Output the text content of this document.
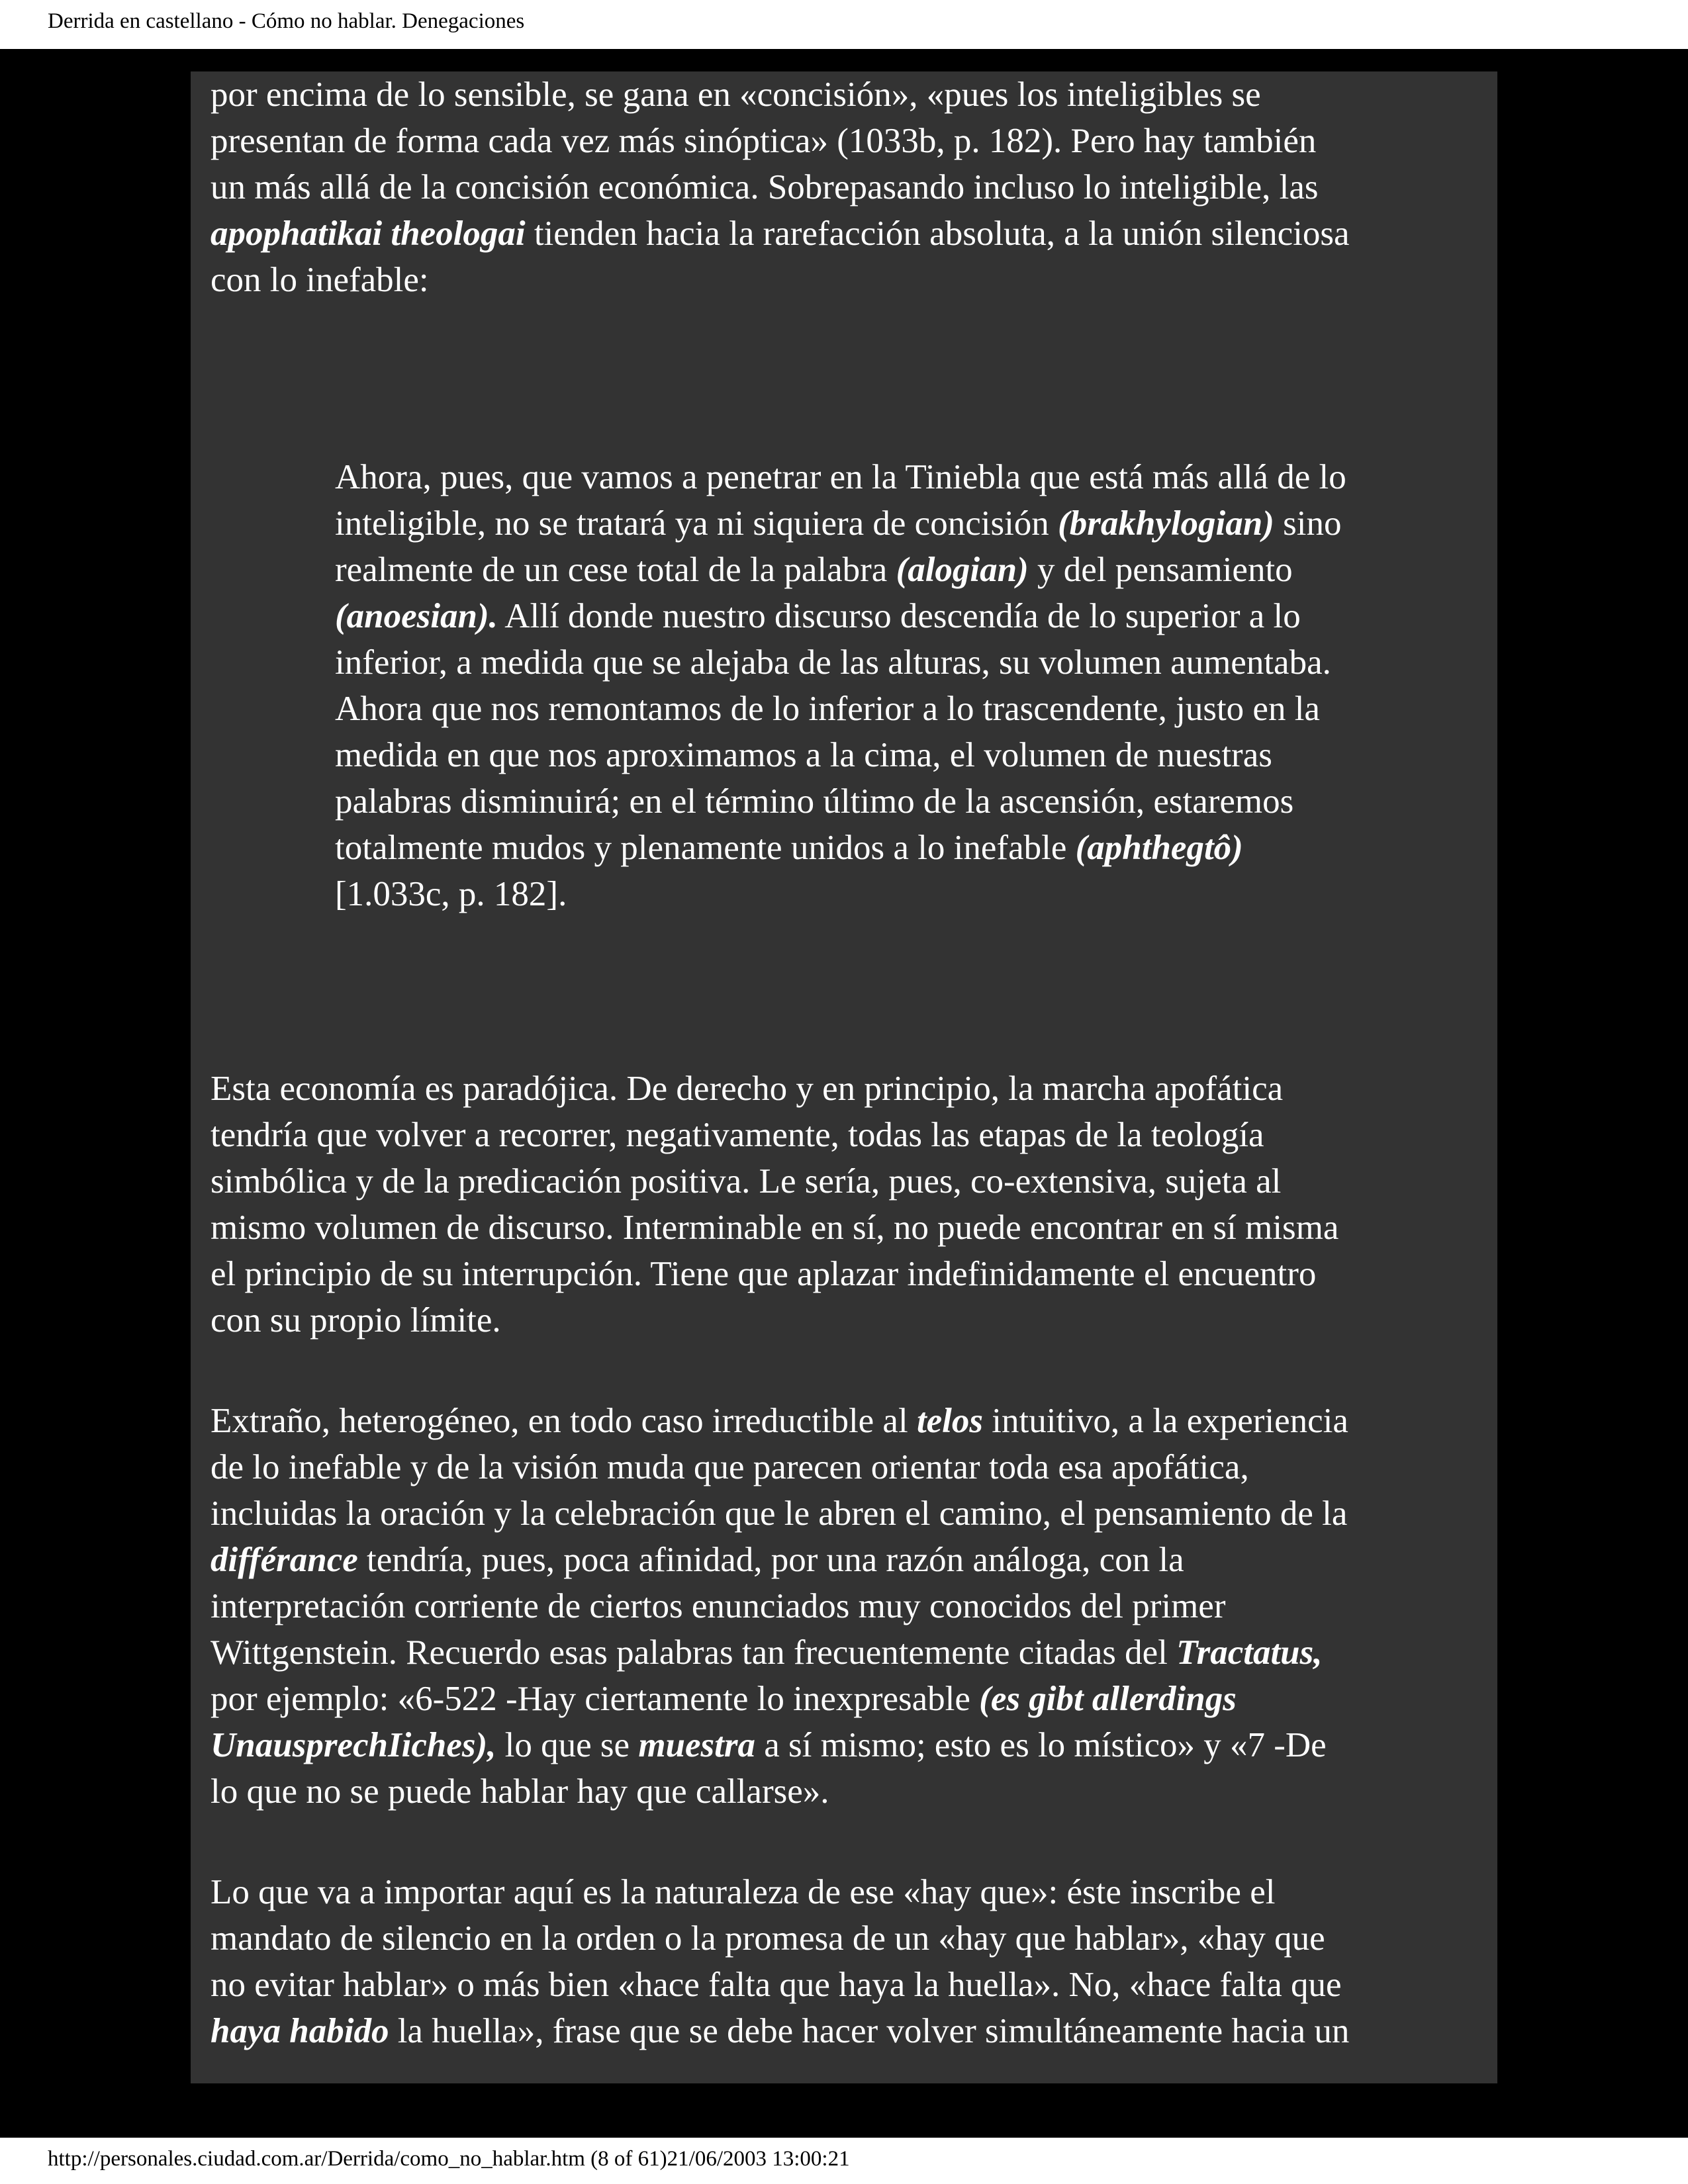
Derrida en castellano - Cómo no hablar. Denegaciones

por encima de lo sensible, se gana en «concisión», «pues los inteligibles se
presentan de forma cada vez más sinóptica» (1033b, p. 182). Pero hay también
un más allá de la concisión económica. Sobrepasando incluso lo inteligible, las
apophatikai theologai tienden hacia la rarefacción absoluta, a la unión silenciosa
con lo inefable:

Ahora, pues, que vamos a penetrar en la Tiniebla que está más allá de lo
inteligible, no se tratará ya ni siquiera de concisión (brakhylogian) sino
realmente de un cese total de la palabra (alogian) y del pensamiento
(anoesian). Allí donde nuestro discurso descendía de lo superior a lo
inferior, a medida que se alejaba de las alturas, su volumen aumentaba.
Ahora que nos remontamos de lo inferior a lo trascendente, justo en la
medida en que nos aproximamos a la cima, el volumen de nuestras
palabras disminuirá; en el término último de la ascensión, estaremos
totalmente mudos y plenamente unidos a lo inefable (aphthegtô)
[1.033c, p. 182].

Esta economía es paradójica. De derecho y en principio, la marcha apofática
tendría que volver a recorrer, negativamente, todas las etapas de la teología
simbólica y de la predicación positiva. Le sería, pues, co-extensiva, sujeta al
mismo volumen de discurso. Interminable en sí, no puede encontrar en sí misma
el principio de su interrupción. Tiene que aplazar indefinidamente el encuentro
con su propio límite.

Extraño, heterogéneo, en todo caso irreductible al telos intuitivo, a la experiencia
de lo inefable y de la visión muda que parecen orientar toda esa apofática,
incluidas la oración y la celebración que le abren el camino, el pensamiento de la
différance tendría, pues, poca afinidad, por una razón análoga, con la
interpretación corriente de ciertos enunciados muy conocidos del primer
Wittgenstein. Recuerdo esas palabras tan frecuentemente citadas del Tractatus,
por ejemplo: «6-522 -Hay ciertamente lo inexpresable (es gibt allerdings
UnausprechIiches), lo que se muestra a sí mismo; esto es lo místico» y «7 -De
lo que no se puede hablar hay que callarse».

Lo que va a importar aquí es la naturaleza de ese «hay que»: éste inscribe el
mandato de silencio en la orden o la promesa de un «hay que hablar», «hay que
no evitar hablar» o más bien «hace falta que haya la huella». No, «hace falta que
haya habido la huella», frase que se debe hacer volver simultáneamente hacia un

http://personales.ciudad.com.ar/Derrida/como_no_hablar.htm (8 of 61)21/06/2003 13:00:21
